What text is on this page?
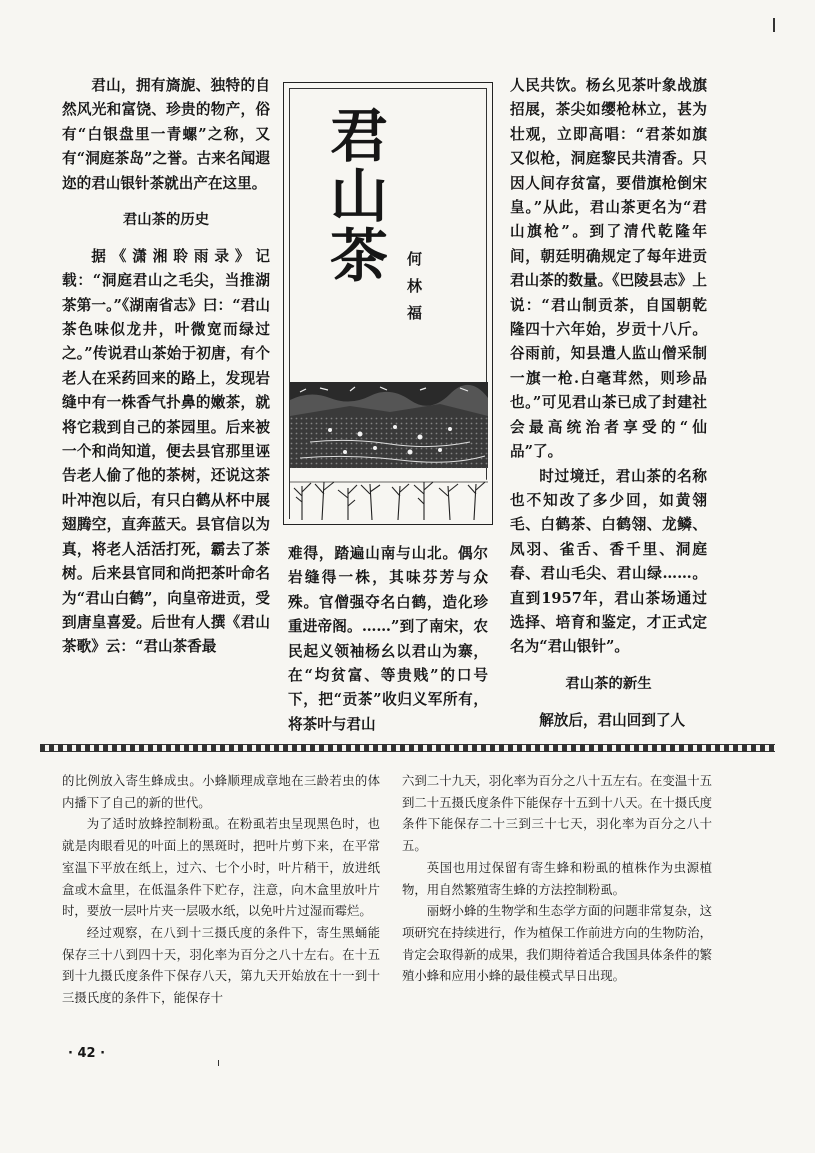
君山，拥有旖旎、独特的自然风光和富饶、珍贵的物产，俗有“白银盘里一青螺”之称，又有“洞庭茶岛”之誉。古来名闻遐迩的君山银针茶就出产在这里。

君山茶的历史

据《潇湘聆雨录》记载：“洞庭君山之毛尖，当推湖茶第一。”《湖南省志》曰：“君山茶色味似龙井，叶微宽而绿过之。”传说君山茶始于初唐，有个老人在采药回来的路上，发现岩缝中有一株香气扑鼻的嫩茶，就将它栽到自己的茶园里。后来被一个和尚知道，便去县官那里诬告老人偷了他的茶树，还说这茶叶冲泡以后，有只白鹤从杯中展翅腾空，直奔蓝天。县官信以为真，将老人活活打死，霸去了茶树。后来县官同和尚把茶叶命名为“君山白鹤”，向皇帝进贡，受到唐皇喜爱。后世有人撰《君山茶歌》云：“君山茶香最

君山茶
何林福

难得，踏遍山南与山北。偶尔岩缝得一株，其味芬芳与众殊。官僧强夺名白鹤，造化珍重进帝阁。……”到了南宋，农民起义领袖杨幺以君山为寨，在“均贫富、等贵贱”的口号下，把“贡茶”收归义军所有，将茶叶与君山

人民共饮。杨幺见茶叶象战旗招展，茶尖如缨枪林立，甚为壮观，立即高唱：“君茶如旗又似枪，洞庭黎民共清香。只因人间存贫富，要借旗枪倒宋皇。”从此，君山茶更名为“君山旗枪”。到了清代乾隆年间，朝廷明确规定了每年进贡君山茶的数量。《巴陵县志》上说：“君山制贡茶，自国朝乾隆四十六年始，岁贡十八斤。谷雨前，知县遣人监山僧采制一旗一枪.白毫茸然，则珍品也。”可见君山茶已成了封建社会最高统治者享受的“仙品”了。

时过境迁，君山茶的名称也不知改了多少回，如黄翎毛、白鹤茶、白鹤翎、龙鳞、凤羽、雀舌、香千里、洞庭春、君山毛尖、君山绿……。直到1957年，君山茶场通过选择、培育和鉴定，才正式定名为“君山银针”。

君山茶的新生

解放后，君山回到了人

的比例放入寄生蜂成虫。小蜂顺理成章地在三龄若虫的体内播下了自己的新的世代。

为了适时放蜂控制粉虱。在粉虱若虫呈现黑色时，也就是肉眼看见的叶面上的黑斑时，把叶片剪下来，在平常室温下平放在纸上，过六、七个小时，叶片稍干，放进纸盒或木盒里，在低温条件下贮存，注意，向木盒里放叶片时，要放一层叶片夹一层吸水纸，以免叶片过湿而霉烂。

经过观察，在八到十三摄氏度的条件下，寄生黑蛹能保存三十八到四十天，羽化率为百分之八十左右。在十五到十九摄氏度条件下保存八天，第九天开始放在十一到十三摄氏度的条件下，能保存十

六到二十九天，羽化率为百分之八十五左右。在变温十五到二十五摄氏度条件下能保存十五到十八天。在十摄氏度条件下能保存二十三到三十七天，羽化率为百分之八十五。

英国也用过保留有寄生蜂和粉虱的植株作为虫源植物，用自然繁殖寄生蜂的方法控制粉虱。

丽蚜小蜂的生物学和生态学方面的问题非常复杂，这项研究在持续进行，作为植保工作前进方向的生物防治，肯定会取得新的成果，我们期待着适合我国具体条件的繁殖小蜂和应用小蜂的最佳模式早日出现。

· 42 ·
